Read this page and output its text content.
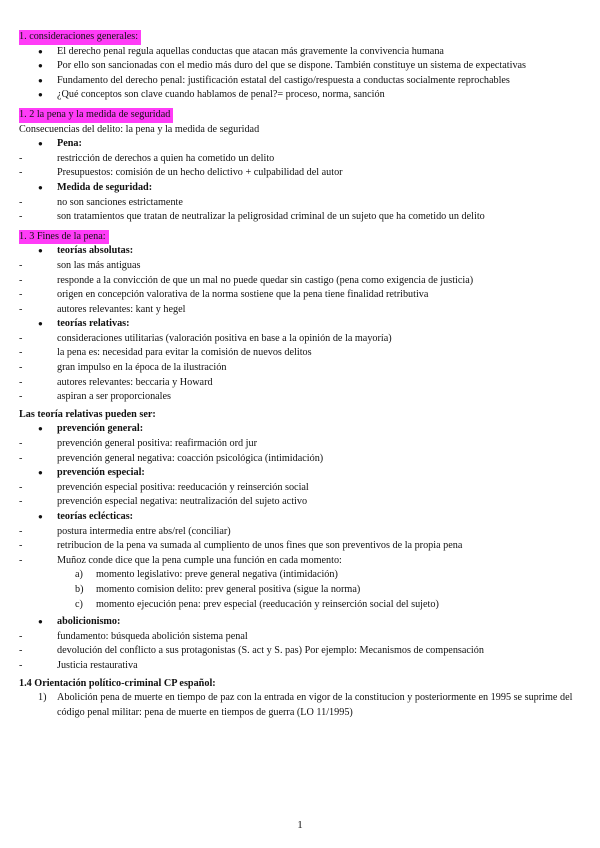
1. consideraciones generales:
● El derecho penal regula aquellas conductas que atacan más gravemente la convivencia humana
● Por ello son sancionadas con el medio más duro del que se dispone. También constituye un sistema de expectativas
● Fundamento del derecho penal: justificación estatal del castigo/respuesta a conductas socialmente reprochables
● ¿Qué conceptos son clave cuando hablamos de penal?= proceso, norma, sanción
1. 2 la pena y la medida de seguridad
Consecuencias del delito: la pena y la medida de seguridad
● Pena:
-	restricción de derechos a quien ha cometido un delito
-	Presupuestos: comisión de un hecho delictivo + culpabilidad del autor
● Medida de seguridad:
-	no son sanciones estrictamente
-	son tratamientos que tratan de neutralizar la peligrosidad criminal de un sujeto que ha cometido un delito
1. 3 Fines de la pena:
● teorías absolutas:
-	son las más antiguas
-	responde a la convicción de que un mal no puede quedar sin castigo (pena como exigencia de justicia)
-	origen en concepción valorativa de la norma sostiene que la pena tiene finalidad retributiva
-	autores relevantes: kant y hegel
● teorías relativas:
-	consideraciones utilitarias (valoración positiva en base a la opinión de la mayoría)
-	la pena es: necesidad para evitar la comisión de nuevos delitos
-	gran impulso en la época de la ilustración
-	autores relevantes: beccaria y Howard
-	aspiran a ser proporcionales
Las teoría relativas pueden ser:
● prevención general:
-	prevención general positiva: reafirmación ord jur
-	prevención general negativa: coacción psicológica (intimidación)
● prevención especial:
-	prevención especial positiva: reeducación y reinserción social
-	prevención especial negativa: neutralización del sujeto activo
● teorías eclécticas:
-	postura intermedia entre abs/rel (conciliar)
-	retribucion de la pena va sumada al cumpliento de unos fines que son preventivos de la propia pena
-	Muñoz conde dice que la pena cumple una función en cada momento:
a) momento legislativo: preve general negativa (intimidación)
b) momento comision delito: prev general positiva (sigue la norma)
c) momento ejecución pena: prev especial (reeducación y reinserción social del sujeto)
● abolicionismo:
-	fundamento: búsqueda abolición sistema penal
-	devolución del conflicto a sus protagonistas (S. act y S. pas) Por ejemplo: Mecanismos de compensación
-	Justicia restaurativa
1.4 Orientación político-criminal CP español:
1) Abolición pena de muerte en tiempo de paz con la entrada en vigor de la constitucion y posteriormente en 1995 se suprime del código penal militar: pena de muerte en tiempos de guerra (LO 11/1995)
1
